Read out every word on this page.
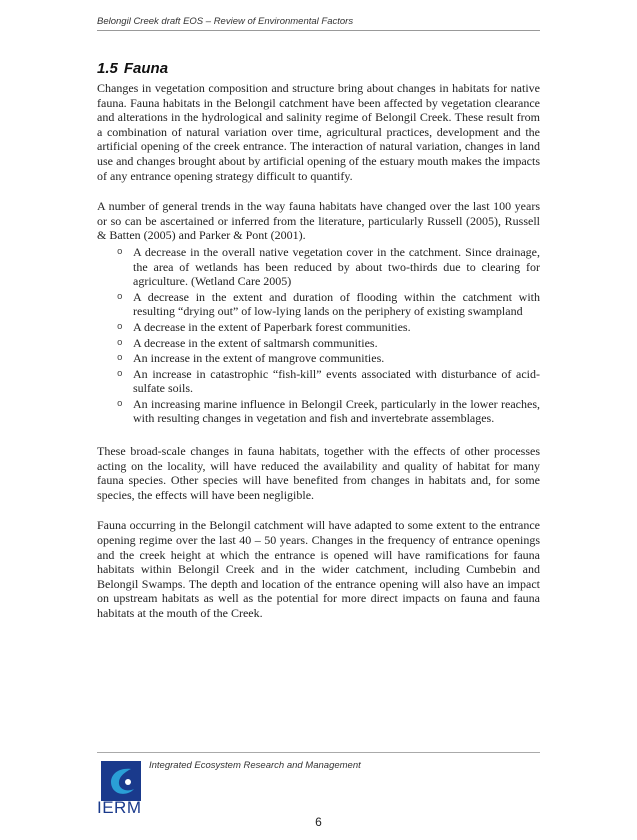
Belongil Creek draft EOS – Review of Environmental Factors
1.5 Fauna

Changes in vegetation composition and structure bring about changes in habitats for native fauna. Fauna habitats in the Belongil catchment have been affected by vegetation clearance and alterations in the hydrological and salinity regime of Belongil Creek. These result from a combination of natural variation over time, agricultural practices, development and the artificial opening of the creek entrance. The interaction of natural variation, changes in land use and changes brought about by artificial opening of the estuary mouth makes the impacts of any entrance opening strategy difficult to quantify.

A number of general trends in the way fauna habitats have changed over the last 100 years or so can be ascertained or inferred from the literature, particularly Russell (2005), Russell & Batten (2005) and Parker & Pont (2001).

o A decrease in the overall native vegetation cover in the catchment. Since drainage, the area of wetlands has been reduced by about two-thirds due to clearing for agriculture. (Wetland Care 2005)
o A decrease in the extent and duration of flooding within the catchment with resulting “drying out” of low-lying lands on the periphery of existing swampland
o A decrease in the extent of Paperbark forest communities.
o A decrease in the extent of saltmarsh communities.
o An increase in the extent of mangrove communities.
o An increase in catastrophic “fish-kill” events associated with disturbance of acid-sulfate soils.
o An increasing marine influence in Belongil Creek, particularly in the lower reaches, with resulting changes in vegetation and fish and invertebrate assemblages.

These broad-scale changes in fauna habitats, together with the effects of other processes acting on the locality, will have reduced the availability and quality of habitat for many fauna species. Other species will have benefited from changes in habitats and, for some species, the effects will have been negligible.

Fauna occurring in the Belongil catchment will have adapted to some extent to the entrance opening regime over the last 40 – 50 years. Changes in the frequency of entrance openings and the creek height at which the entrance is opened will have ramifications for fauna habitats within Belongil Creek and in the wider catchment, including Cumbebin and Belongil Swamps. The depth and location of the entrance opening will also have an impact on upstream habitats as well as the potential for more direct impacts on fauna and fauna habitats at the mouth of the Creek.

IERM
Integrated Ecosystem Research and Management
6
